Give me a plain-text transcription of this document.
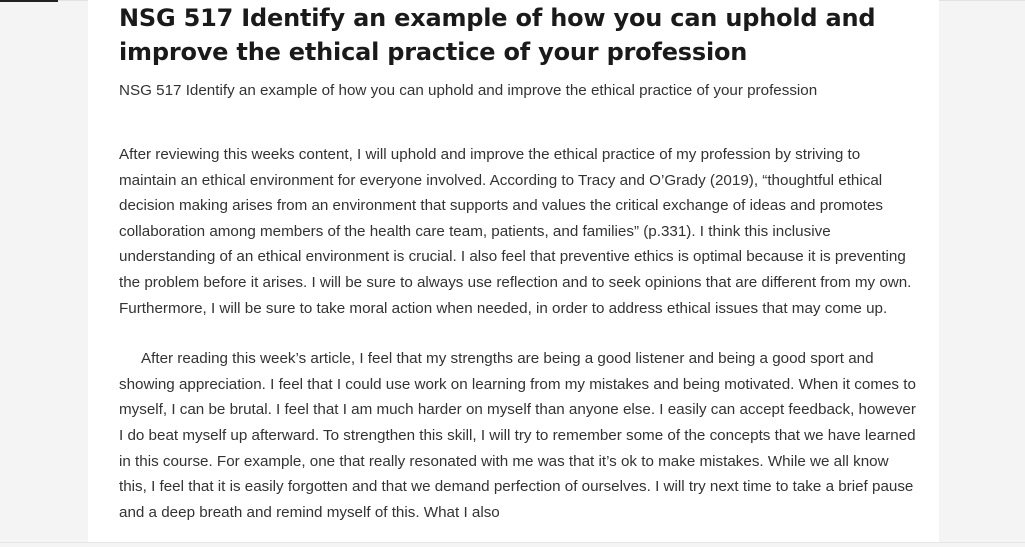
NSG 517 Identify an example of how you can uphold and improve the ethical practice of your profession

NSG 517 Identify an example of how you can uphold and improve the ethical practice of your profession

After reviewing this weeks content, I will uphold and improve the ethical practice of my profession by striving to maintain an ethical environment for everyone involved. According to Tracy and O’Grady (2019), “thoughtful ethical decision making arises from an environment that supports and values the critical exchange of ideas and promotes collaboration among members of the health care team, patients, and families” (p.331). I think this inclusive understanding of an ethical environment is crucial. I also feel that preventive ethics is optimal because it is preventing the problem before it arises. I will be sure to always use reflection and to seek opinions that are different from my own. Furthermore, I will be sure to take moral action when needed, in order to address ethical issues that may come up.

After reading this week’s article, I feel that my strengths are being a good listener and being a good sport and showing appreciation. I feel that I could use work on learning from my mistakes and being motivated. When it comes to myself, I can be brutal. I feel that I am much harder on myself than anyone else. I easily can accept feedback, however I do beat myself up afterward. To strengthen this skill, I will try to remember some of the concepts that we have learned in this course. For example, one that really resonated with me was that it’s ok to make mistakes. While we all know this, I feel that it is easily forgotten and that we demand perfection of ourselves. I will try next time to take a brief pause and a deep breath and remind myself of this. What I also
